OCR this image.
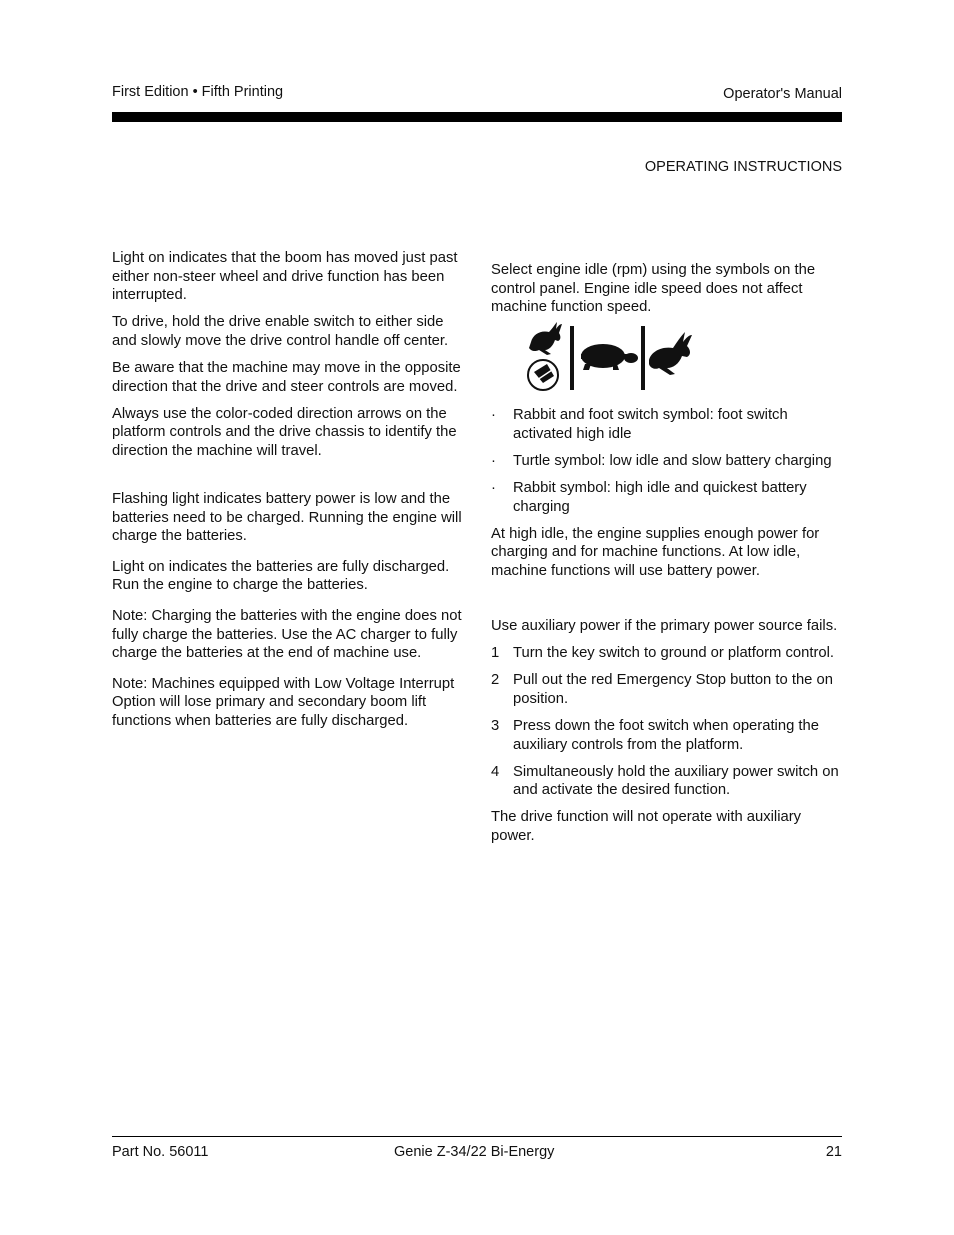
First Edition • Fifth Printing	Operator's Manual
OPERATING INSTRUCTIONS

Light on indicates that the boom has moved just past either non-steer wheel and drive function has been interrupted.

To drive, hold the drive enable switch to either side and slowly move the drive control handle off center.

Be aware that the machine may move in the opposite direction that the drive and steer controls are moved.

Always use the color-coded direction arrows on the platform controls and the drive chassis to identify the direction the machine will travel.

Flashing light indicates battery power is low and the batteries need to be charged. Running the engine will charge the batteries.

Light on indicates the batteries are fully discharged. Run the engine to charge the batteries.

Note: Charging the batteries with the engine does not fully charge the batteries. Use the AC charger to fully charge the batteries at the end of machine use.

Note: Machines equipped with Low Voltage Interrupt Option will lose primary and secondary boom lift functions when batteries are fully discharged.

Select engine idle (rpm) using the symbols on the control panel. Engine idle speed does not affect machine function speed.

· Rabbit and foot switch symbol: foot switch activated high idle
· Turtle symbol: low idle and slow battery charging
· Rabbit symbol: high idle and quickest battery charging

At high idle, the engine supplies enough power for charging and for machine functions. At low idle, machine functions will use battery power.

Use auxiliary power if the primary power source fails.

1 Turn the key switch to ground or platform control.
2 Pull out the red Emergency Stop button to the on position.
3 Press down the foot switch when operating the auxiliary controls from the platform.
4 Simultaneously hold the auxiliary power switch on and activate the desired function.

The drive function will not operate with auxiliary power.

Part No. 56011	Genie Z-34/22 Bi-Energy	21
